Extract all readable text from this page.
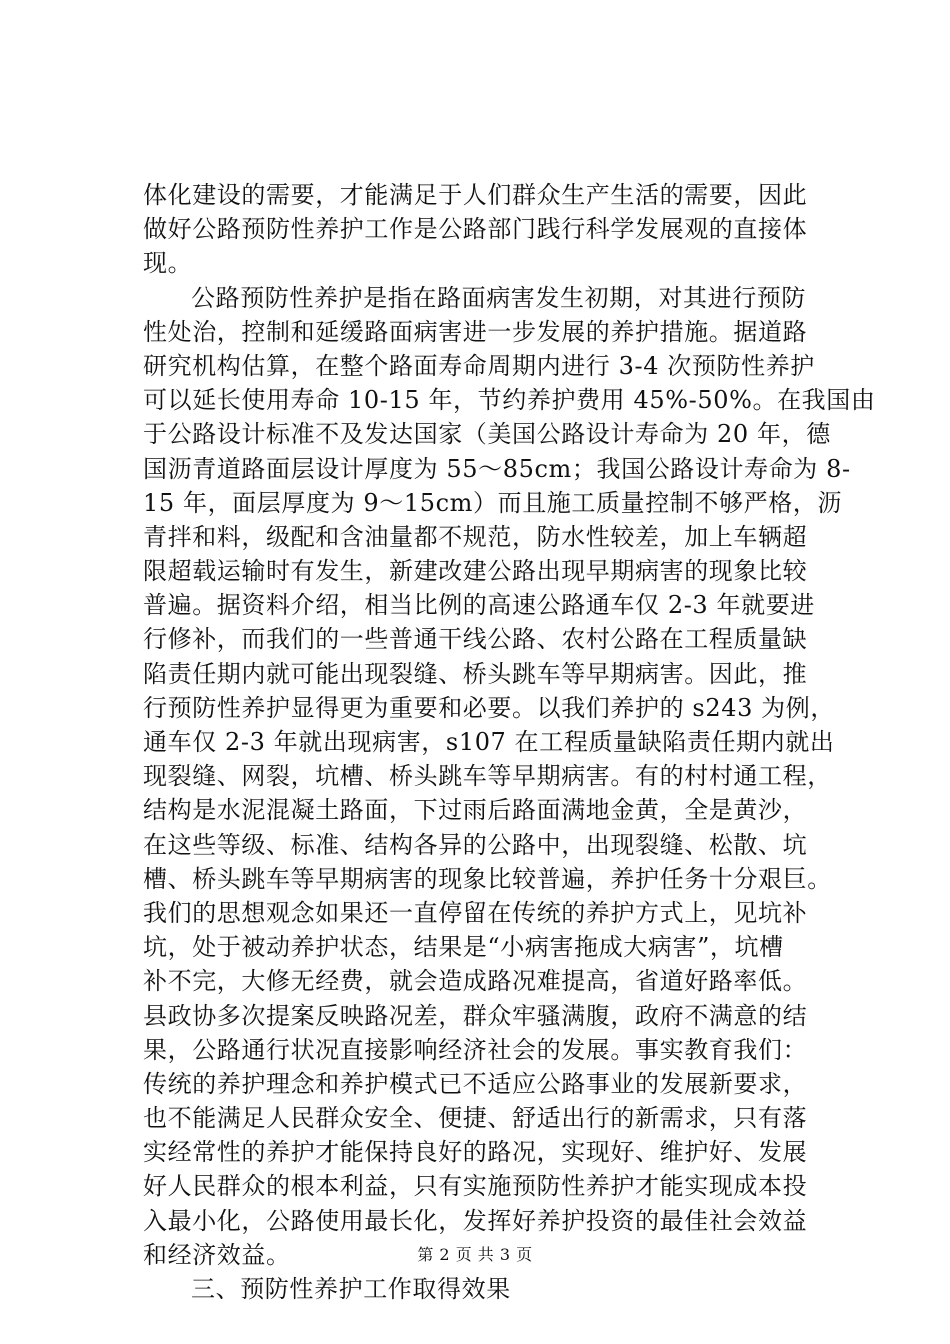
体化建设的需要，才能满足于人们群众生产生活的需要，因此
做好公路预防性养护工作是公路部门践行科学发展观的直接体
现。
公路预防性养护是指在路面病害发生初期，对其进行预防
性处治，控制和延缓路面病害进一步发展的养护措施。据道路
研究机构估算，在整个路面寿命周期内进行 3-4 次预防性养护
可以延长使用寿命 10-15 年，节约养护费用 45%-50%。在我国由
于公路设计标准不及发达国家（美国公路设计寿命为 20 年，德
国沥青道路面层设计厚度为 55～85cm；我国公路设计寿命为 8-
15 年，面层厚度为 9～15cm）而且施工质量控制不够严格，沥
青拌和料，级配和含油量都不规范，防水性较差，加上车辆超
限超载运输时有发生，新建改建公路出现早期病害的现象比较
普遍。据资料介绍，相当比例的高速公路通车仅 2-3 年就要进
行修补，而我们的一些普通干线公路、农村公路在工程质量缺
陷责任期内就可能出现裂缝、桥头跳车等早期病害。因此，推
行预防性养护显得更为重要和必要。以我们养护的 s243 为例，
通车仅 2-3 年就出现病害，s107 在工程质量缺陷责任期内就出
现裂缝、网裂，坑槽、桥头跳车等早期病害。有的村村通工程，
结构是水泥混凝土路面，下过雨后路面满地金黄，全是黄沙，
在这些等级、标准、结构各异的公路中，出现裂缝、松散、坑
槽、桥头跳车等早期病害的现象比较普遍，养护任务十分艰巨。
我们的思想观念如果还一直停留在传统的养护方式上，见坑补
坑，处于被动养护状态，结果是“小病害拖成大病害”，坑槽
补不完，大修无经费，就会造成路况难提高，省道好路率低。
县政协多次提案反映路况差，群众牢骚满腹，政府不满意的结
果，公路通行状况直接影响经济社会的发展。事实教育我们：
传统的养护理念和养护模式已不适应公路事业的发展新要求，
也不能满足人民群众安全、便捷、舒适出行的新需求，只有落
实经常性的养护才能保持良好的路况，实现好、维护好、发展
好人民群众的根本利益，只有实施预防性养护才能实现成本投
入最小化，公路使用最长化，发挥好养护投资的最佳社会效益
和经济效益。
三、预防性养护工作取得效果
第 2 页 共 3 页
